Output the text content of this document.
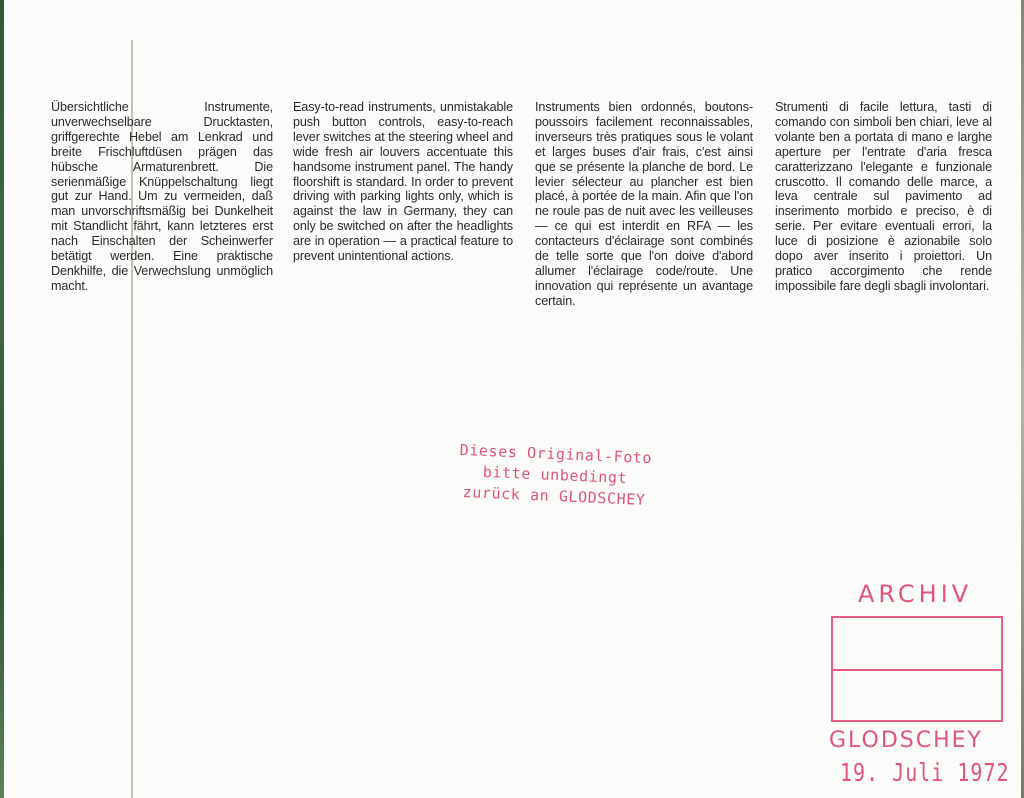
Übersichtliche Instrumente, unverwechselbare Drucktasten, griffgerechte Hebel am Lenkrad und breite Frischluftdüsen prägen das hübsche Armaturenbrett. Die serienmäßige Knüppelschaltung liegt gut zur Hand. Um zu vermeiden, daß man unvorschriftsmäßig bei Dunkelheit mit Standlicht fährt, kann letzteres erst nach Einschalten der Scheinwerfer betätigt werden. Eine praktische Denkhilfe, die Verwechslung unmöglich macht.

Easy-to-read instruments, unmistakable push button controls, easy-to-reach lever switches at the steering wheel and wide fresh air louvers accentuate this handsome instrument panel. The handy floorshift is standard. In order to prevent driving with parking lights only, which is against the law in Germany, they can only be switched on after the headlights are in operation — a practical feature to prevent unintentional actions.

Instruments bien ordonnés, boutons-poussoirs facilement reconnaissables, inverseurs très pratiques sous le volant et larges buses d'air frais, c'est ainsi que se présente la planche de bord. Le levier sélecteur au plancher est bien placé, à portée de la main. Afin que l'on ne roule pas de nuit avec les veilleuses — ce qui est interdit en RFA — les contacteurs d'éclairage sont combinés de telle sorte que l'on doive d'abord allumer l'éclairage code/route. Une innovation qui représente un avantage certain.

Strumenti di facile lettura, tasti di comando con simboli ben chiari, leve al volante ben a portata di mano e larghe aperture per l'entrate d'aria fresca caratterizzano l'elegante e funzionale cruscotto. Il comando delle marce, a leva centrale sul pavimento ad inserimento morbido e preciso, è di serie. Per evitare eventuali errori, la luce di posizione è azionabile solo dopo aver inserito i proiettori. Un pratico accorgimento che rende impossibile fare degli sbagli involontari.

Dieses Original-Foto
bitte unbedingt
zurück an GLODSCHEY
ARCHIV
GLODSCHEY
19. Juli 1972
